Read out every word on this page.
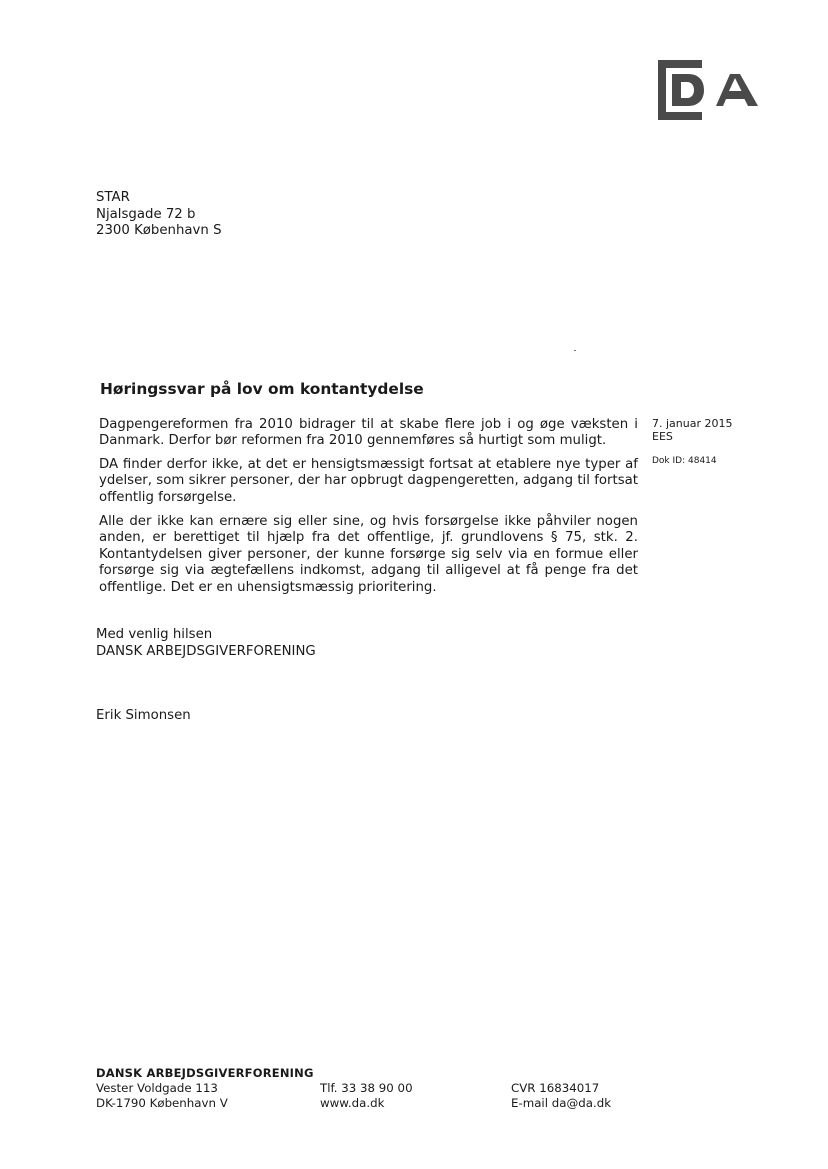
STAR
Njalsgade 72 b
2300 København S
Høringssvar på lov om kontantydelse
Dagpengereformen fra 2010 bidrager til at skabe flere job i og øge væksten i Danmark. Derfor bør reformen fra 2010 gennemføres så hurtigt som muligt.
DA finder derfor ikke, at det er hensigtsmæssigt fortsat at etablere nye typer af ydelser, som sikrer personer, der har opbrugt dagpengeretten, adgang til fortsat offentlig forsørgelse.
Alle der ikke kan ernære sig eller sine, og hvis forsørgelse ikke påhviler nogen anden, er berettiget til hjælp fra det offentlige, jf. grundlovens § 75, stk. 2. Kontantydelsen giver personer, der kunne forsørge sig selv via en formue eller forsørge sig via ægtefællens indkomst, adgang til alligevel at få penge fra det offentlige. Det er en uhensigtsmæssig prioritering.
7. januar 2015
EES
Dok ID: 48414
Med venlig hilsen
DANSK ARBEJDSGIVERFORENING
Erik Simonsen
DANSK ARBEJDSGIVERFORENING
Vester Voldgade 113
DK-1790 København V
Tlf. 33 38 90 00
www.da.dk
CVR 16834017
E-mail da@da.dk
